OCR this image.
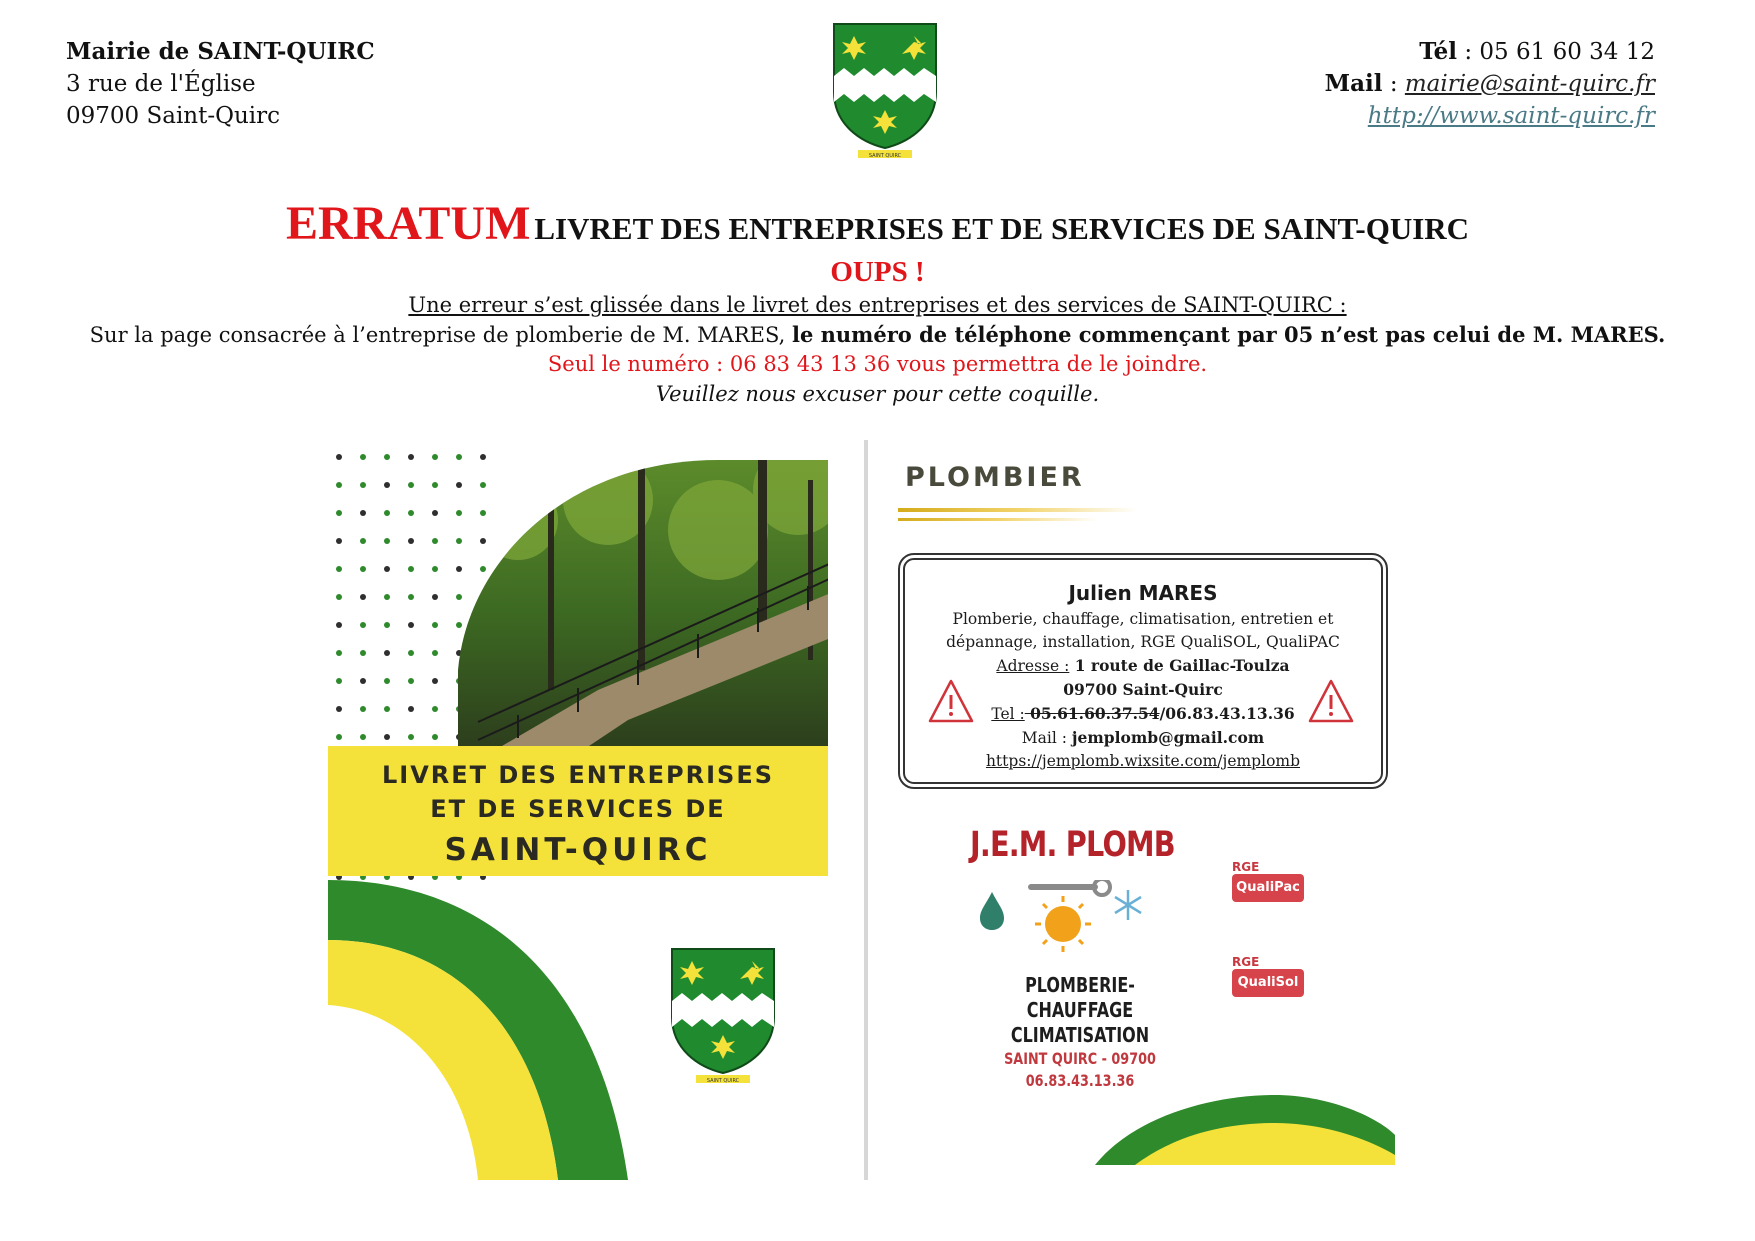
Mairie de SAINT-QUIRC
3 rue de l'Église
09700 Saint-Quirc
SAINT QUIRC
Tél : 05 61 60 34 12
Mail : mairie@saint-quirc.fr
http://www.saint-quirc.fr
ERRATUM LIVRET DES ENTREPRISES ET DE SERVICES DE SAINT-QUIRC
OUPS !
Une erreur s’est glissée dans le livret des entreprises et des services de SAINT-QUIRC :
Sur la page consacrée à l’entreprise de plomberie de M. MARES, le numéro de téléphone commençant par 05 n’est pas celui de M. MARES.
Seul le numéro : 06 83 43 13 36 vous permettra de le joindre.
Veuillez nous excuser pour cette coquille.
LIVRET DES ENTREPRISES
ET DE SERVICES DE
SAINT-QUIRC
SAINT QUIRC
PLOMBIER
Julien MARES
Plomberie, chauffage, climatisation, entretien et
dépannage, installation, RGE QualiSOL, QualiPAC
Adresse : 1 route de Gaillac-Toulza
09700 Saint-Quirc
Tel : 05.61.60.37.54/06.83.43.13.36
Mail : jemplomb@gmail.com
https://jemplomb.wixsite.com/jemplomb
J.E.M. PLOMB
PLOMBERIE-CHAUFFAGE
CLIMATISATION
SAINT QUIRC - 09700
06.83.43.13.36
RGE
QualiPac
RGE
QualiSol
